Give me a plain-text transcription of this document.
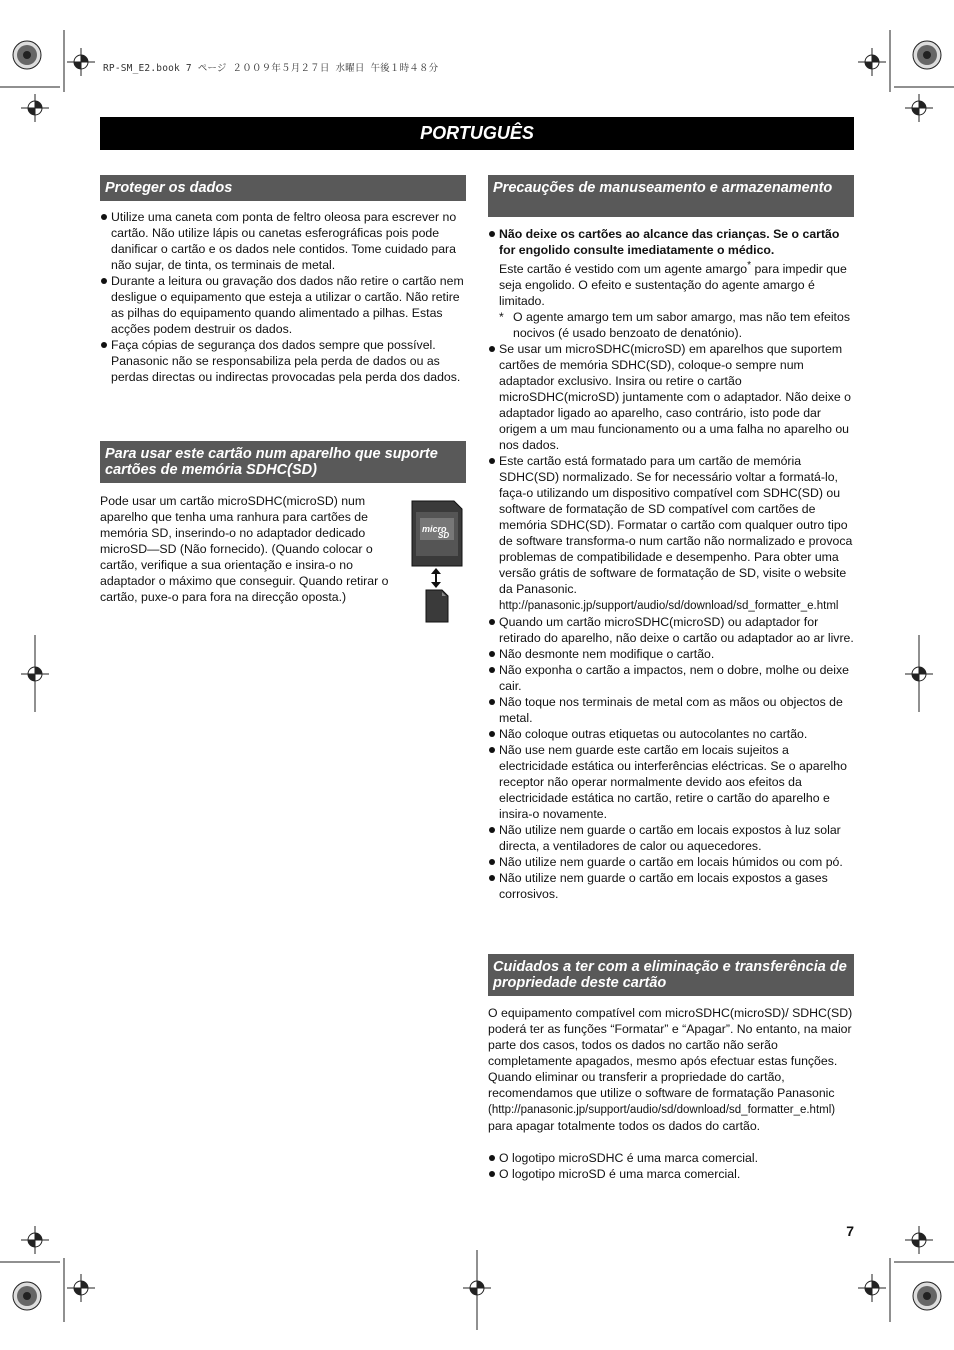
RP-SM_E2.book 7 ページ ２００９年５月２７日 水曜日 午後１時４８分
PORTUGUÊS
Proteger os dados
Utilize uma caneta com ponta de feltro oleosa para escrever no cartão. Não utilize lápis ou canetas esferográficas pois pode danificar o cartão e os dados nele contidos. Tome cuidado para não sujar, de tinta, os terminais de metal.
Durante a leitura ou gravação dos dados não retire o cartão nem desligue o equipamento que esteja a utilizar o cartão. Não retire as pilhas do equipamento quando alimentado a pilhas. Estas acções podem destruir os dados.
Faça cópias de segurança dos dados sempre que possível. Panasonic não se responsabiliza pela perda de dados ou as perdas directas ou indirectas provocadas pela perda dos dados.
Para usar este cartão num aparelho que suporte cartões de memória SDHC(SD)
Pode usar um cartão microSDHC(microSD) num aparelho que tenha uma ranhura para cartões de memória SD, inserindo-o no adaptador dedicado microSD—SD (Não fornecido). (Quando colocar o cartão, verifique a sua orientação e insira-o no adaptador o máximo que conseguir. Quando retirar o cartão, puxe-o para fora na direcção oposta.)
micro
SD
Precauções de manuseamento e armazenamento
Não deixe os cartões ao alcance das crianças. Se o cartão for engolido consulte imediatamente o médico.
Este cartão é vestido com um agente amargo* para impedir que seja engolido. O efeito e sustentação do agente amargo é limitado.
* O agente amargo tem um sabor amargo, mas não tem efeitos nocivos (é usado benzoato de denatónio).
Se usar um microSDHC(microSD) em aparelhos que suportem cartões de memória SDHC(SD), coloque-o sempre num adaptador exclusivo. Insira ou retire o cartão microSDHC(microSD) juntamente com o adaptador. Não deixe o adaptador ligado ao aparelho, caso contrário, isto pode dar origem a um mau funcionamento ou a uma falha no aparelho ou nos dados.
Este cartão está formatado para um cartão de memória SDHC(SD) normalizado. Se for necessário voltar a formatá-lo, faça-o utilizando um dispositivo compatível com SDHC(SD) ou software de formatação de SD compatível com cartões de memória SDHC(SD). Formatar o cartão com qualquer outro tipo de software transforma-o num cartão não normalizado e provoca problemas de compatibilidade e desempenho. Para obter uma versão grátis de software de formatação de SD, visite o website da Panasonic.
http://panasonic.jp/support/audio/sd/download/sd_formatter_e.html
Quando um cartão microSDHC(microSD) ou adaptador for retirado do aparelho, não deixe o cartão ou adaptador ao ar livre.
Não desmonte nem modifique o cartão.
Não exponha o cartão a impactos, nem o dobre, molhe ou deixe cair.
Não toque nos terminais de metal com as mãos ou objectos de metal.
Não coloque outras etiquetas ou autocolantes no cartão.
Não use nem guarde este cartão em locais sujeitos a electricidade estática ou interferências eléctricas. Se o aparelho receptor não operar normalmente devido aos efeitos da electricidade estática no cartão, retire o cartão do aparelho e insira-o novamente.
Não utilize nem guarde o cartão em locais expostos à luz solar directa, a ventiladores de calor ou aquecedores.
Não utilize nem guarde o cartão em locais húmidos ou com pó.
Não utilize nem guarde o cartão em locais expostos a gases corrosivos.
Cuidados a ter com a eliminação e transferência de propriedade deste cartão
O equipamento compatível com microSDHC(microSD)/ SDHC(SD) poderá ter as funções “Formatar” e “Apagar”. No entanto, na maior parte dos casos, todos os dados no cartão não serão completamente apagados, mesmo após efectuar estas funções. Quando eliminar ou transferir a propriedade do cartão, recomendamos que utilize o software de formatação Panasonic
(http://panasonic.jp/support/audio/sd/download/sd_formatter_e.html)
para apagar totalmente todos os dados do cartão.
O logotipo microSDHC é uma marca comercial.
O logotipo microSD é uma marca comercial.
7
